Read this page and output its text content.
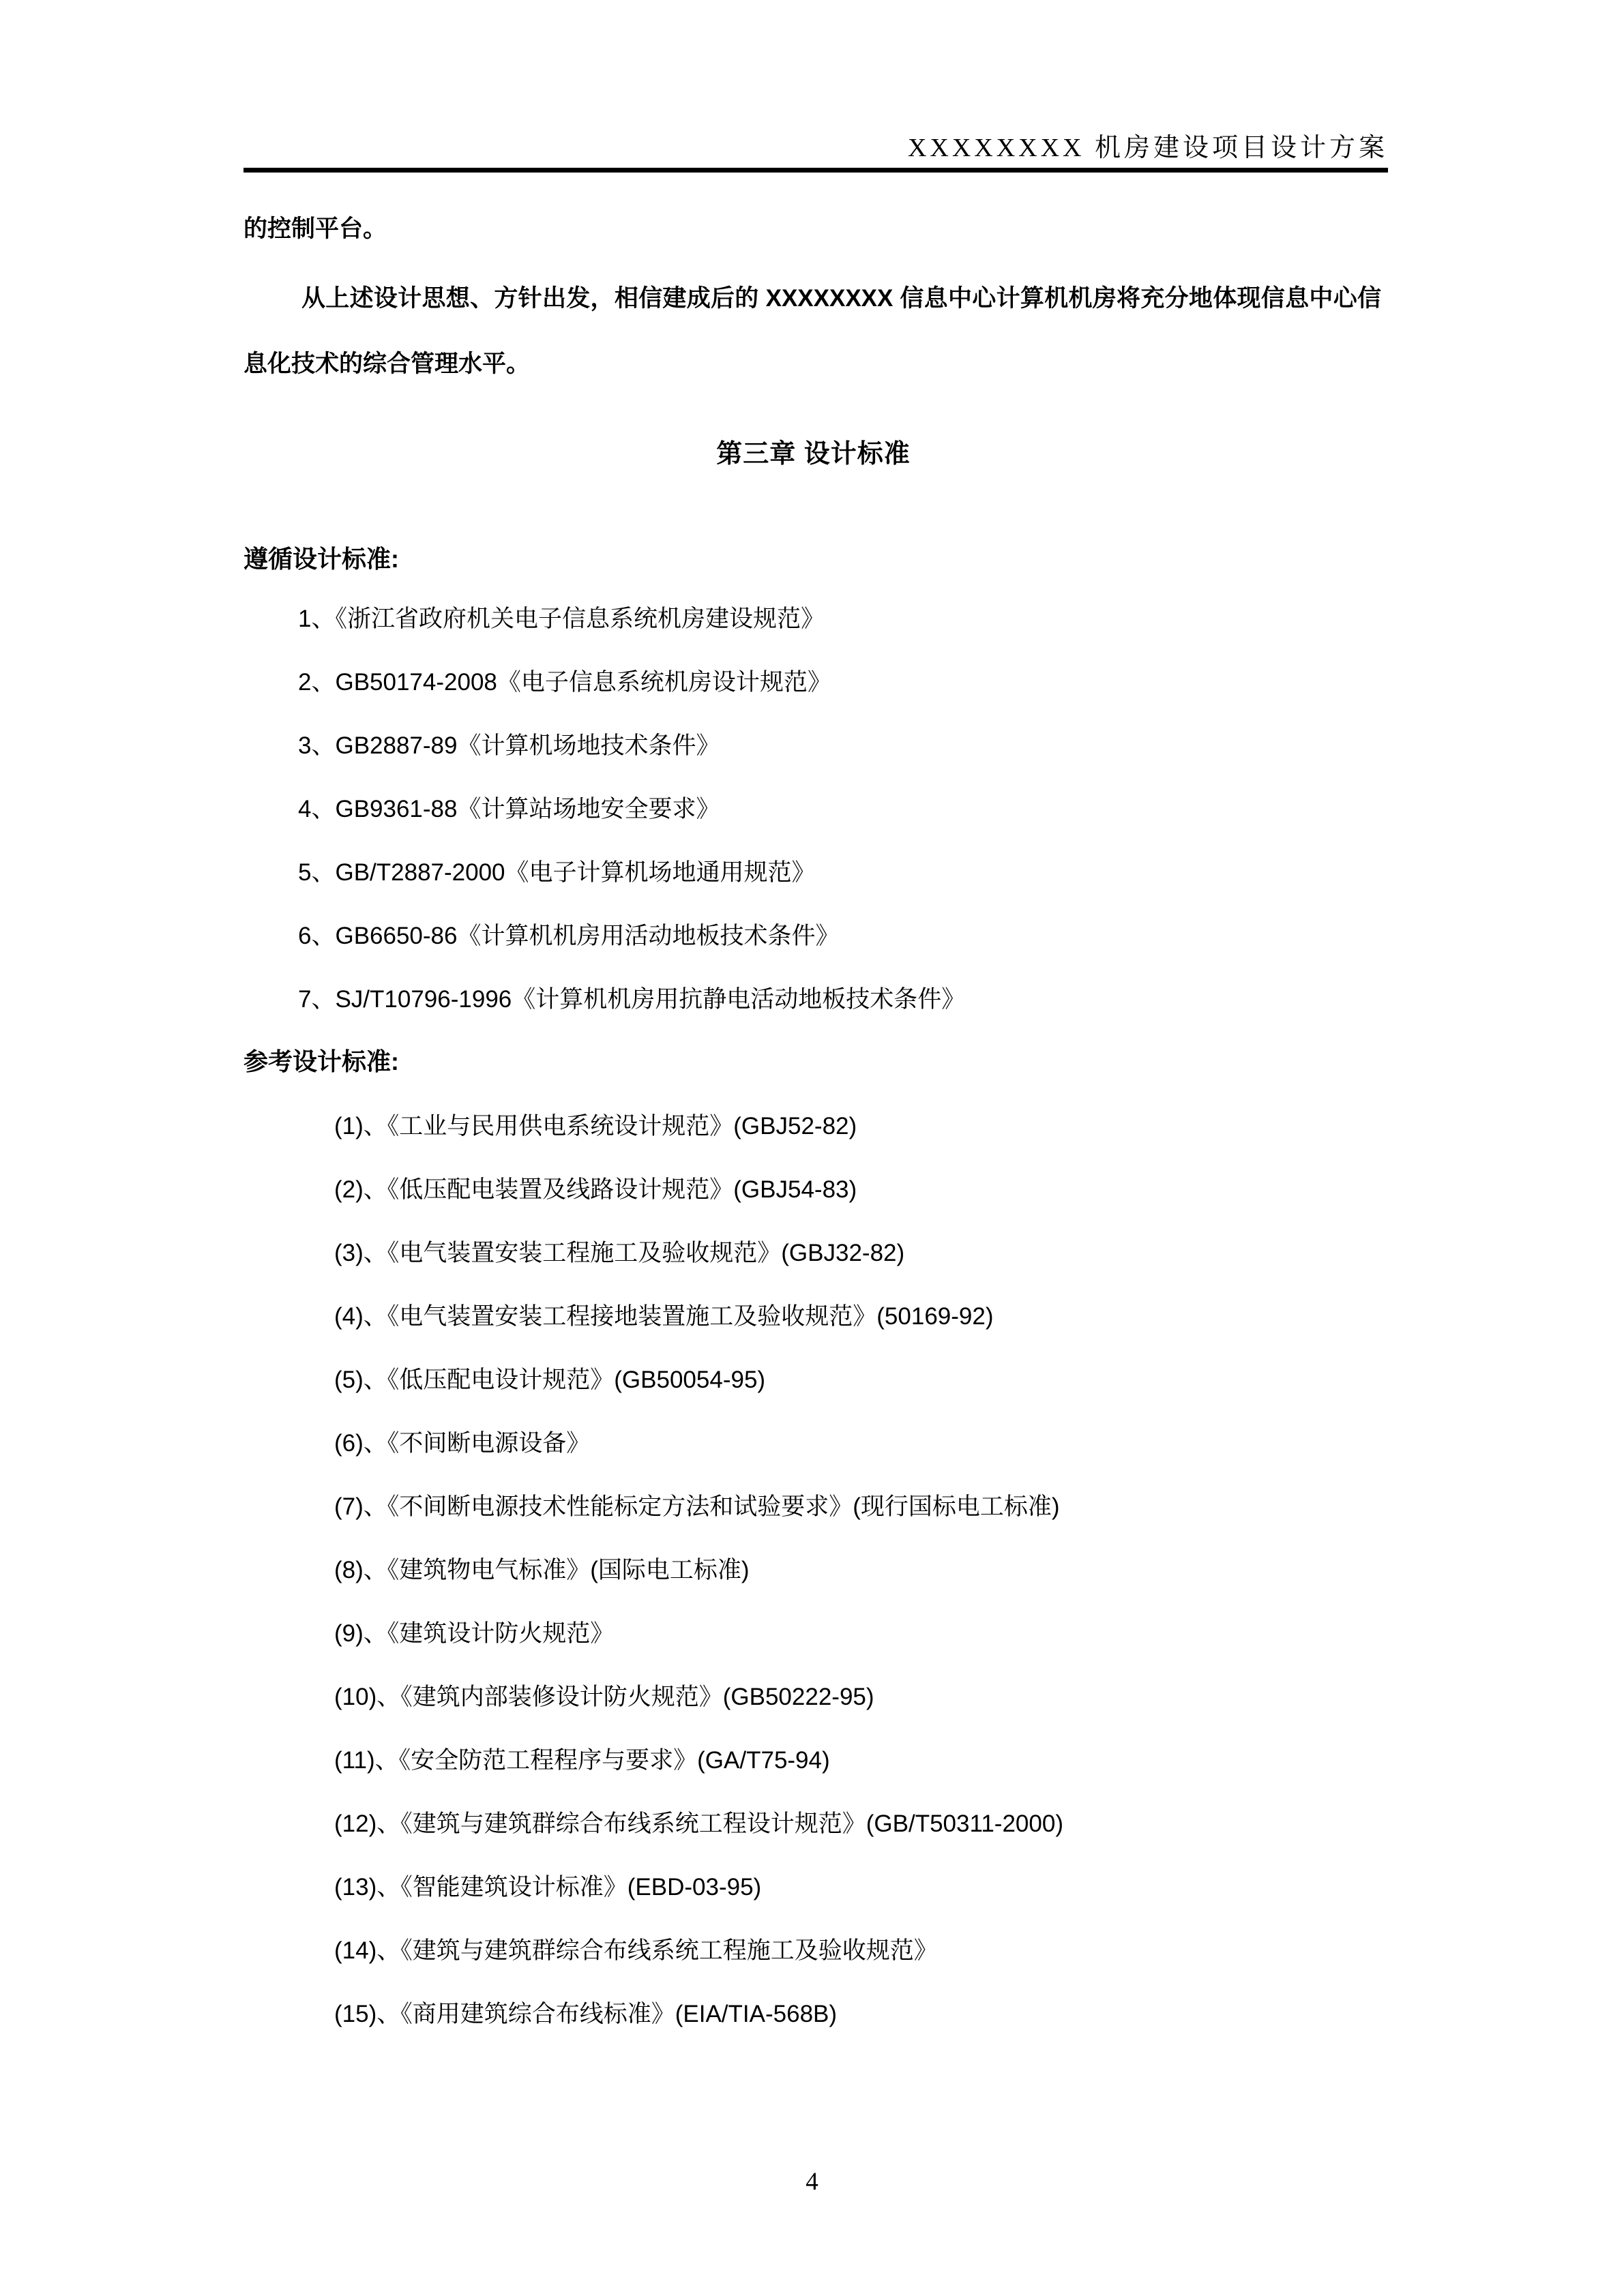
XXXXXXXX 机房建设项目设计方案
的控制平台。
从上述设计思想、方针出发，相信建成后的 XXXXXXXX 信息中心计算机机房将充分地体现信息中心信
息化技术的综合管理水平。
第三章 设计标准
遵循设计标准:
1、《浙江省政府机关电子信息系统机房建设规范》
2、GB50174-2008《电子信息系统机房设计规范》
3、GB2887-89《计算机场地技术条件》
4、GB9361-88《计算站场地安全要求》
5、GB/T2887-2000《电子计算机场地通用规范》
6、GB6650-86《计算机机房用活动地板技术条件》
7、SJ/T10796-1996《计算机机房用抗静电活动地板技术条件》
参考设计标准:
(1)、《工业与民用供电系统设计规范》(GBJ52-82)
(2)、《低压配电装置及线路设计规范》(GBJ54-83)
(3)、《电气装置安装工程施工及验收规范》(GBJ32-82)
(4)、《电气装置安装工程接地装置施工及验收规范》(50169-92)
(5)、《低压配电设计规范》(GB50054-95)
(6)、《不间断电源设备》
(7)、《不间断电源技术性能标定方法和试验要求》(现行国标电工标准)
(8)、《建筑物电气标准》(国际电工标准)
(9)、《建筑设计防火规范》
(10)、《建筑内部装修设计防火规范》(GB50222-95)
(11)、《安全防范工程程序与要求》(GA/T75-94)
(12)、《建筑与建筑群综合布线系统工程设计规范》(GB/T50311-2000)
(13)、《智能建筑设计标准》(EBD-03-95)
(14)、《建筑与建筑群综合布线系统工程施工及验收规范》
(15)、《商用建筑综合布线标准》(EIA/TIA-568B)
4
